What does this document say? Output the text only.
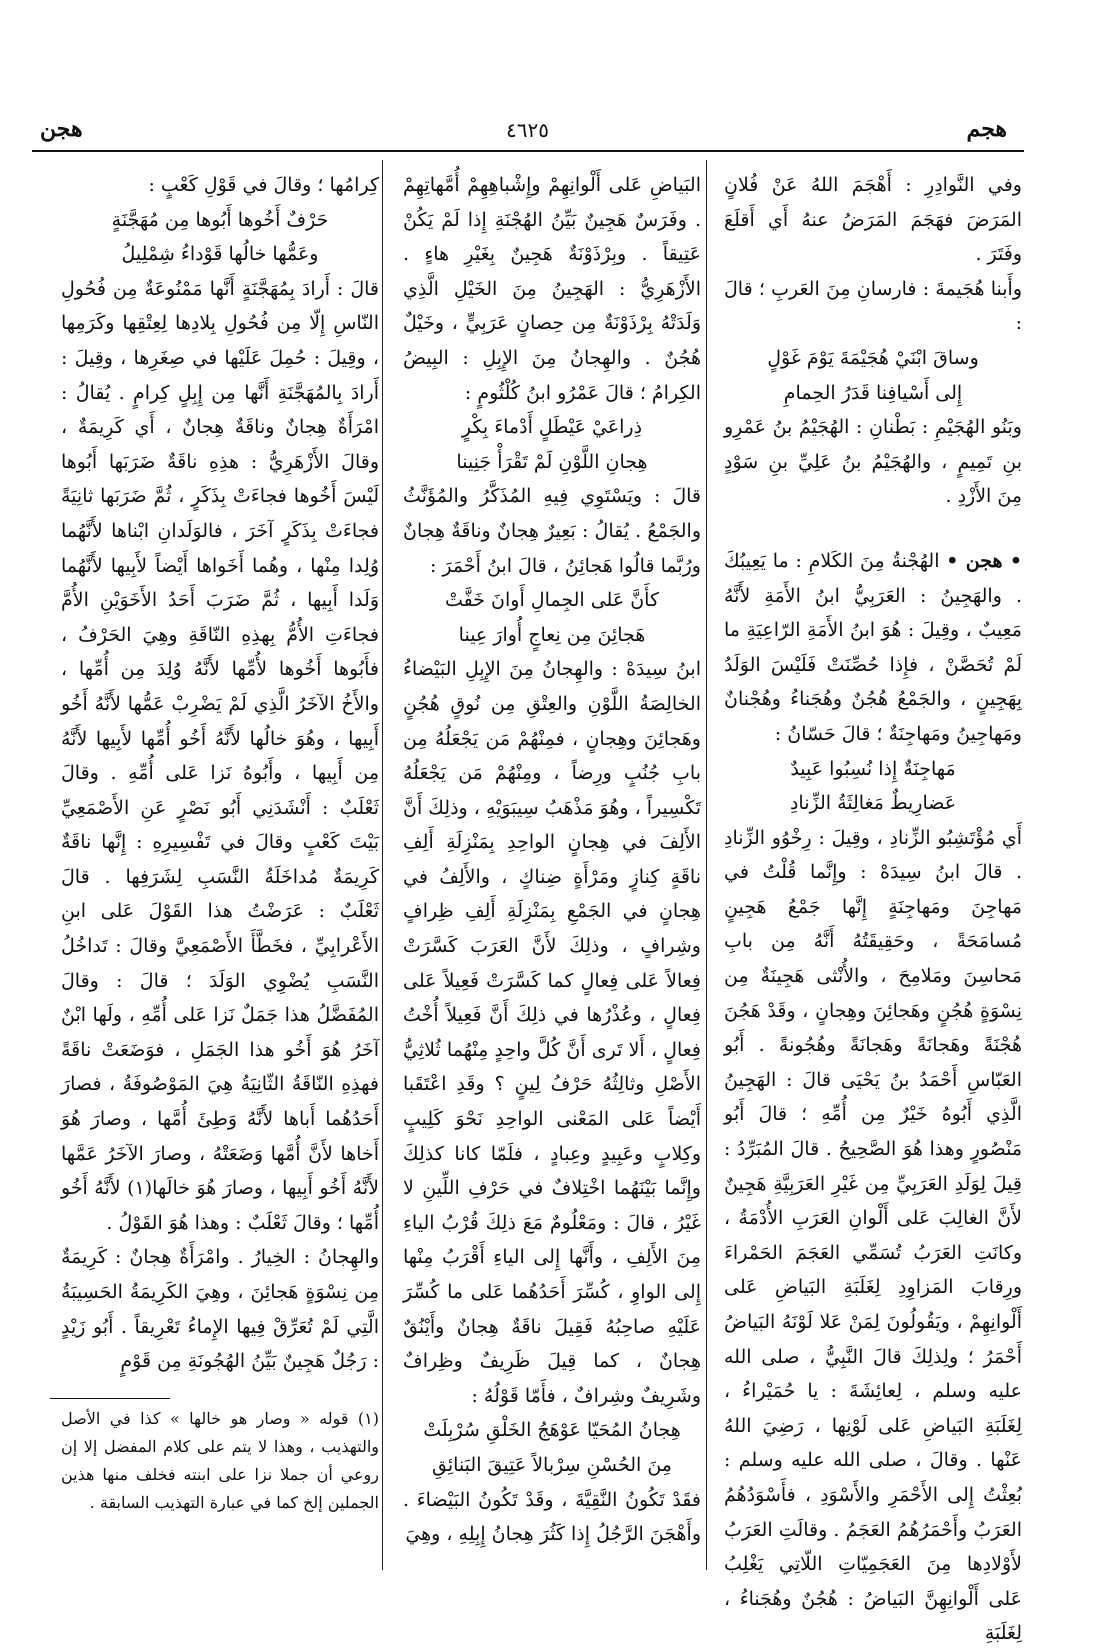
هجم
٤٦٢٥
هجن
وفي النَّوادِرِ : أَهْجَمَ اللهُ عَنْ فُلانٍ المَرَضَ فهَجَمَ المَرَضُ عنهُ أَي أَقلَعَ وفَتَرَ .
وأَبنا هُجَيمةَ : فارسانِ مِنَ العَربِ ؛ قالَ :
وساقَ ابْنَيْ هُجَيْمَةَ يَوْمَ غَوْلٍ
إِلى أَسْيافِنا قَدَرُ الحِمامِ
وبَنُو الهُجَيْمِ : بَطْنانِ : الهُجَيْمُ بنُ عَمْرِو بنِ تَمِيمٍ ، والهُجَيْمُ بنُ عَلِيِّ بنِ سَوْدٍ مِنَ الأَزْدِ .
• هجن • الهُجْنةُ مِنَ الكَلامِ : ما يَعِيبُكَ . والهَجِينُ : العَرَبِيُّ ابنُ الأَمَةِ لأَنَّهُ مَعِيبٌ ، وقِيلَ : هُوَ ابنُ الأَمَةِ الرّاعِيَةِ ما لَمْ تُحَصَّنْ ، فإِذا حُصِّنَتْ فَلَيْسَ الوَلَدُ بِهَجِينٍ ، والجَمْعُ هُجُنٌ وهُجَناءُ وهُجْنانٌ ومَهاجِينُ ومَهاجِنَةٌ ؛ قالَ حَسّانُ :
مَهاجِنَةٌ إِذا نُسِبُوا عَبِيدٌ
عَضارِيطٌ مَغالِثَةُ الزِّنادِ
أَي مُؤْتَشِبُو الزِّنادِ ، وقِيلَ : رِخْوُو الزِّنادِ . قالَ ابنُ سِيدَهْ : وإِنَّما قُلْتُ في مَهاجِنَ ومَهاجِنَةٍ إِنَّها جَمْعُ هَجِينٍ مُسامَحَةً ، وحَقِيقَتُهُ أَنَّهُ مِن بابِ مَحاسِنَ ومَلامِحَ ، والأُنْثى هَجِينَةٌ مِن نِسْوَةٍ هُجُنٍ وهَجائِنَ وهِجانٍ ، وقَدْ هَجُنَ هُجْنَةً وهَجانَةً وهَجانَةً وهُجُونةً . أَبُو العَبّاسِ أَحْمَدُ بنُ يَحْيَى قالَ : الهَجِينُ الَّذِي أَبُوهُ خَيْرٌ مِن أُمِّهِ ؛ قالَ أَبُو مَنْصُورٍ وهذا هُوَ الصَّحِيحُ . قالَ المُبَرِّدُ : قِيلَ لِوَلَدِ العَرَبِيِّ مِن غَيْرِ العَرَبِيَّةِ هَجِينٌ لأَنَّ الغالِبَ عَلى أَلْوانِ العَرَبِ الأُدْمَةُ ، وكانَتِ العَرَبُ تُسَمِّي العَجَمَ الحَمْراءَ ورِقابَ المَزاوِدِ لِغَلَبَةِ البَياضِ عَلى أَلْوانِهِمْ ، ويَقُولُونَ لِمَنْ عَلا لَوْنَهُ البَياضُ أَحْمَرُ ؛ ولِذلِكَ قالَ النَّبِيُّ ، صلى الله عليه وسلم ، لِعائِشَةَ : يا حُمَيْراءُ ، لِغَلَبَةِ البَياضِ عَلى لَوْنِها ، رَضِيَ اللهُ عَنْها . وقالَ ، صلى الله عليه وسلم : بُعِثْتُ إِلى الأَحْمَرِ والأَسْوَدِ ، فأَسْوَدُهُمُ العَرَبُ وأَحْمَرُهُمُ العَجَمُ . وقالَتِ العَرَبُ لأَوْلادِها مِنَ العَجَمِيّاتِ اللّاتِي يَغْلِبُ عَلى أَلْوانِهِنَّ البَياضُ : هُجُنٌ وهُجَناءُ ، لِغَلَبَةِ
البَياضِ عَلى أَلْوانِهِمْ وإِشْباهِهِمْ أُمَّهاتِهِمْ . وفَرَسٌ هَجِينٌ بَيِّنُ الهُجْنَةِ إِذا لَمْ يَكُنْ عَتِيقاً . وبِرْذَوْنَةٌ هَجِينٌ بِغَيْرِ هاءٍ . الأَزْهَرِيُّ : الهَجِينُ مِنَ الخَيْلِ الَّذِي وَلَدَتْهُ بِرْذَوْنَةٌ مِن حِصانٍ عَرَبِيٍّ ، وخَيْلٌ هُجُنٌ . والهِجانُ مِنَ الإِبِلِ : البِيضُ الكِرامُ ؛ قالَ عَمْرُو ابنُ كُلْثُومٍ :
ذِراعَيْ عَيْطَلٍ أَدْماءَ بِكْرٍ
هِجانِ اللَّوْنِ لَمْ تَقْرَأْ جَنِينا
قالَ : ويَسْتَوِي فِيهِ المُذَكَّرُ والمُؤَنَّثُ والجَمْعُ . يُقالُ : بَعِيرٌ هِجانٌ وناقَةٌ هِجانٌ ورُبَّما قالُوا هَجائِنُ ، قالَ ابنُ أَحْمَرَ :
كأَنَّ عَلى الجِمالِ أَوانَ خَفَّتْ
هَجائِنَ مِن نِعاجٍ أُوارَ عِينا
ابنُ سِيدَهْ : والهِجانُ مِنَ الإِبِلِ البَيْضاءُ الخالِصَةُ اللَّوْنِ والعِتْقِ مِن نُوقٍ هُجُنٍ وهَجائِنَ وهِجانٍ ، فمِنْهُمْ مَن يَجْعَلُهُ مِن بابِ جُنُبٍ ورِضاً ، ومِنْهُمْ مَن يَجْعَلُهُ تَكْسِيراً ، وهُوَ مَذْهَبُ سِيبَوَيْهِ ، وذلِكَ أَنَّ الأَلِفَ في هِجانٍ الواحِدِ بِمَنْزِلَةِ أَلِفِ ناقَةٍ كِنازٍ ومَرْأَةٍ ضِناكٍ ، والأَلِفُ في هِجانٍ في الجَمْعِ بِمَنْزِلَةِ أَلِفِ ظِرافٍ وشِرافٍ ، وذلِكَ لأَنَّ العَرَبَ كَسَّرَتْ فِعالاً عَلى فِعالٍ كما كَسَّرَتْ فَعِيلاً عَلى فِعالٍ ، وعُذْرُها في ذلِكَ أَنَّ فَعِيلاً أُخْتُ فِعالٍ ، أَلا تَرى أَنَّ كُلَّ واحِدٍ مِنْهُما ثُلاثِيُّ الأَصْلِ وثالِثُهُ حَرْفُ لِينٍ ؟ وقَدِ اعْتَقَبا أَيْضاً عَلى المَعْنى الواحِدِ نَحْوَ كَلِيبٍ وكِلابٍ وعَبِيدٍ وعِبادٍ ، فلَمّا كانا كذلِكَ وإِنَّما بَيْنَهُما اخْتِلافٌ في حَرْفِ اللِّينِ لا غَيْرُ ، قالَ : ومَعْلُومٌ مَعَ ذلِكَ قُرْبُ الياءِ مِنَ الأَلِفِ ، وأَنَّها إِلى الياءِ أَقْرَبُ مِنْها إِلى الواوِ ، كُسِّرَ أَحَدُهُما عَلى ما كُسِّرَ عَلَيْهِ صاحِبُهُ فَقِيلَ ناقَةٌ هِجانٌ وأَيْنُقٌ هِجانٌ ، كما قِيلَ ظَرِيفٌ وظِرافٌ وشَرِيفٌ وشِرافٌ ، فأَمّا قَوْلُهُ :
هِجانُ المُحَيّا عَوْهَجُ الخَلْقِ سُرْبِلَتْ
مِنَ الحُسْنِ سِرْبالاً عَتِيقَ البَنائِقِ
فقَدْ تَكُونُ النَّقِيَّةَ ، وقَدْ تَكُونُ البَيْضاءَ . وأَهْجَنَ الرَّجُلُ إِذا كَثُرَ هِجانُ إِبِلِهِ ، وهِيَ
كِرامُها ؛ وقالَ في قَوْلِ كَعْبٍ :
حَرْفٌ أَخُوها أَبُوها مِن مُهَجَّنَةٍ
وعَمُّها خالُها قَوْداءُ شِمْلِيلُ
قالَ : أَرادَ بِمُهَجَّنَةٍ أَنَّها مَمْنُوعَةٌ مِن فُحُولِ النّاسِ إِلّا مِن فُحُولِ بِلادِها لِعِتْقِها وكَرَمِها ، وقِيلَ : حُمِلَ عَلَيْها في صِغَرِها ، وقِيلَ : أَرادَ بِالمُهَجَّنَةِ أَنَّها مِن إِبِلٍ كِرامٍ . يُقالُ : امْرَأَةٌ هِجانٌ وناقَةٌ هِجانٌ ، أَي كَرِيمَةٌ ، وقالَ الأَزْهَرِيُّ : هذِهِ ناقَةٌ ضَرَبَها أَبُوها لَيْسَ أَخُوها فجاءَتْ بِذَكَرٍ ، ثُمَّ ضَرَبَها ثانِيَةً فجاءَتْ بِذَكَرٍ آخَرَ ، فالوَلَدانِ ابْناها لأَنَّهُما وُلِدا مِنْها ، وهُما أَخَواها أَيْضاً لأَبِيها لأَنَّهُما وَلَدا أَبِيها ، ثُمَّ ضَرَبَ أَحَدُ الأَخَوَيْنِ الأُمَّ فجاءَتِ الأُمُّ بِهذِهِ النّاقَةِ وهِيَ الحَرْفُ ، فأَبُوها أَخُوها لأُمِّها لأَنَّهُ وُلِدَ مِن أُمِّها ، والأَخُ الآخَرُ الَّذِي لَمْ يَضْرِبْ عَمُّها لأَنَّهُ أَخُو أَبِيها ، وهُوَ خالُها لأَنَّهُ أَخُو أُمِّها لأَبِيها لأَنَّهُ مِن أَبِيها ، وأَبُوهُ نَزا عَلى أُمِّهِ . وقالَ ثَعْلَبٌ : أَنْشَدَنِي أَبُو نَصْرٍ عَنِ الأَصْمَعِيِّ بَيْتَ كَعْبٍ وقالَ في تَفْسِيرِهِ : إِنَّها ناقَةٌ كَرِيمَةٌ مُداخَلَةُ النَّسَبِ لِشَرَفِها . قالَ ثَعْلَبٌ : عَرَضْتُ هذا القَوْلَ عَلى ابنِ الأَعْرابِيِّ ، فخَطَّأَ الأَصْمَعِيَّ وقالَ : تَداخُلُ النَّسَبِ يُضْوِي الوَلَدَ ؛ قالَ : وقالَ المُفَضَّلُ هذا جَمَلٌ نَزا عَلى أُمِّهِ ، ولَها ابْنٌ آخَرُ هُوَ أَخُو هذا الجَمَلِ ، فوَضَعَتْ ناقَةً فهذِهِ النّاقَةُ الثّانِيَةُ هِيَ المَوْصُوفَةُ ، فصارَ أَحَدُهُما أَباها لأَنَّهُ وَطِئَ أُمَّها ، وصارَ هُوَ أَخاها لأَنَّ أُمَّها وَضَعَتْهُ ، وصارَ الآخَرُ عَمَّها لأَنَّهُ أَخُو أَبِيها ، وصارَ هُوَ خالَها(١) لأَنَّهُ أَخُو أُمِّها ؛ وقالَ ثَعْلَبٌ : وهذا هُوَ القَوْلُ .
والهِجانُ : الخِيارُ . وامْرَأَةٌ هِجانٌ : كَرِيمَةٌ مِن نِسْوَةٍ هَجائِنَ ، وهِيَ الكَرِيمَةُ الحَسِيبَةُ الَّتِي لَمْ تُعَرِّقْ فِيها الإِماءُ تَعْرِيقاً . أَبُو زَيْدٍ : رَجُلٌ هَجِينٌ بَيِّنُ الهُجُونَةِ مِن قَوْمٍ
(١) قوله « وصار هو خالها » كذا في الأصل والتهذيب ، وهذا لا يتم على كلام المفضل إلا إن روعي أن جملا نزا على ابنته فخلف منها هذين الجملين إلخ كما في عبارة التهذيب السابقة .
